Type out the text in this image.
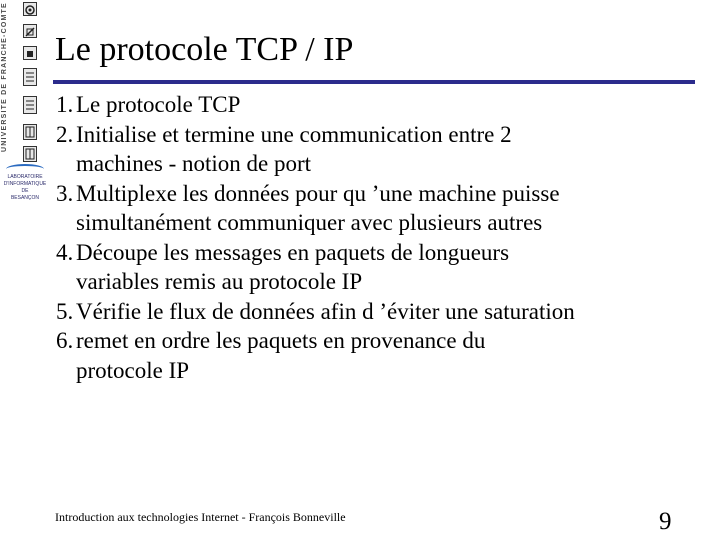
UNIVERSITE DE FRANCHE-COMTE
LABORATOIRE
D'INFORMATIQUE
DE
BESANÇON
Le protocole TCP / IP
1. Le protocole TCP
2. Initialise et termine une communication entre 2
machines - notion de port
3. Multiplexe les données pour qu ’une machine puisse
simultanément communiquer avec plusieurs autres
4. Découpe les messages en paquets de longueurs
variables remis au protocole IP
5. Vérifie le flux de données afin d ’éviter une saturation
6. remet en ordre les paquets en provenance du
protocole IP
Introduction aux technologies Internet - François Bonneville	9
